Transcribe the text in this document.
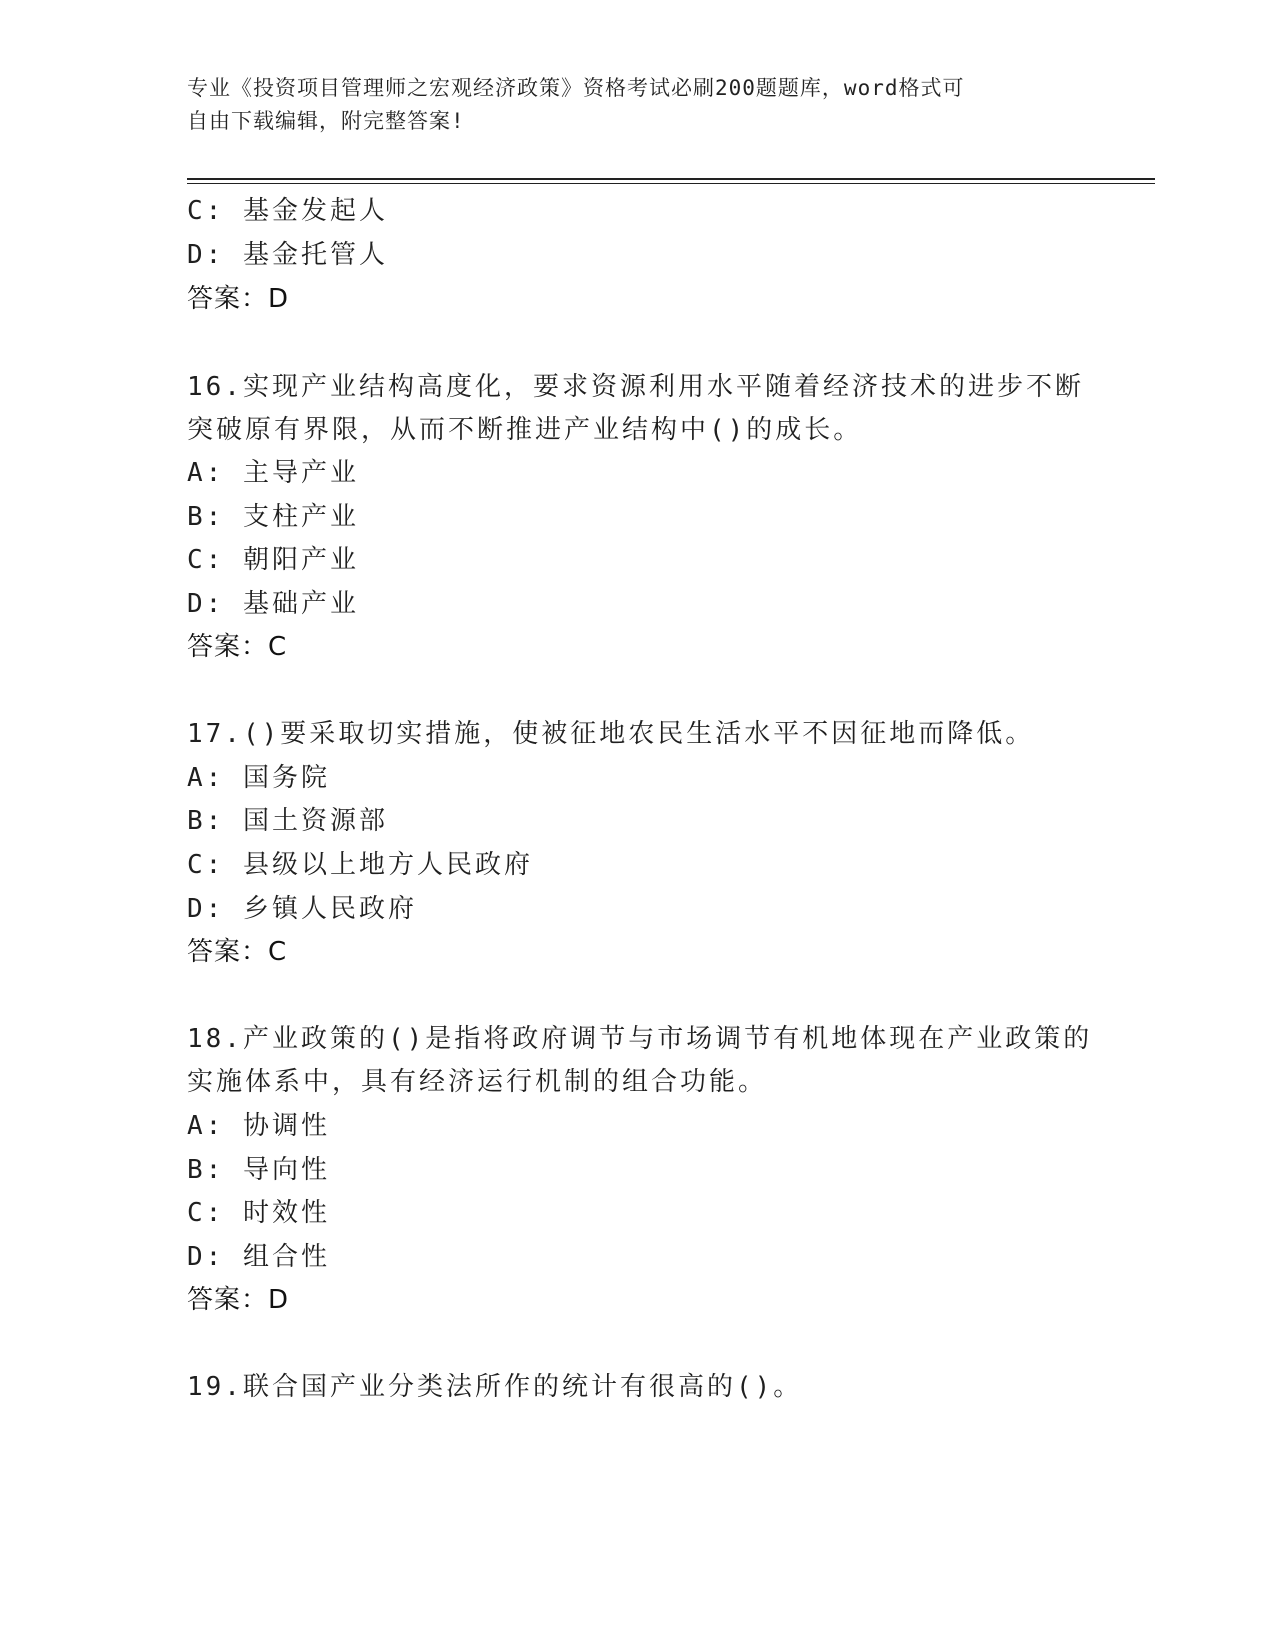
专业《投资项目管理师之宏观经济政策》资格考试必刷200题题库，word格式可
自由下载编辑，附完整答案!
C: 基金发起人
D: 基金托管人
答案：D
16.实现产业结构高度化，要求资源利用水平随着经济技术的进步不断
突破原有界限，从而不断推进产业结构中()的成长。
A: 主导产业
B: 支柱产业
C: 朝阳产业
D: 基础产业
答案：C
17.()要采取切实措施，使被征地农民生活水平不因征地而降低。
A: 国务院
B: 国土资源部
C: 县级以上地方人民政府
D: 乡镇人民政府
答案：C
18.产业政策的()是指将政府调节与市场调节有机地体现在产业政策的
实施体系中，具有经济运行机制的组合功能。
A: 协调性
B: 导向性
C: 时效性
D: 组合性
答案：D
19.联合国产业分类法所作的统计有很高的()。
